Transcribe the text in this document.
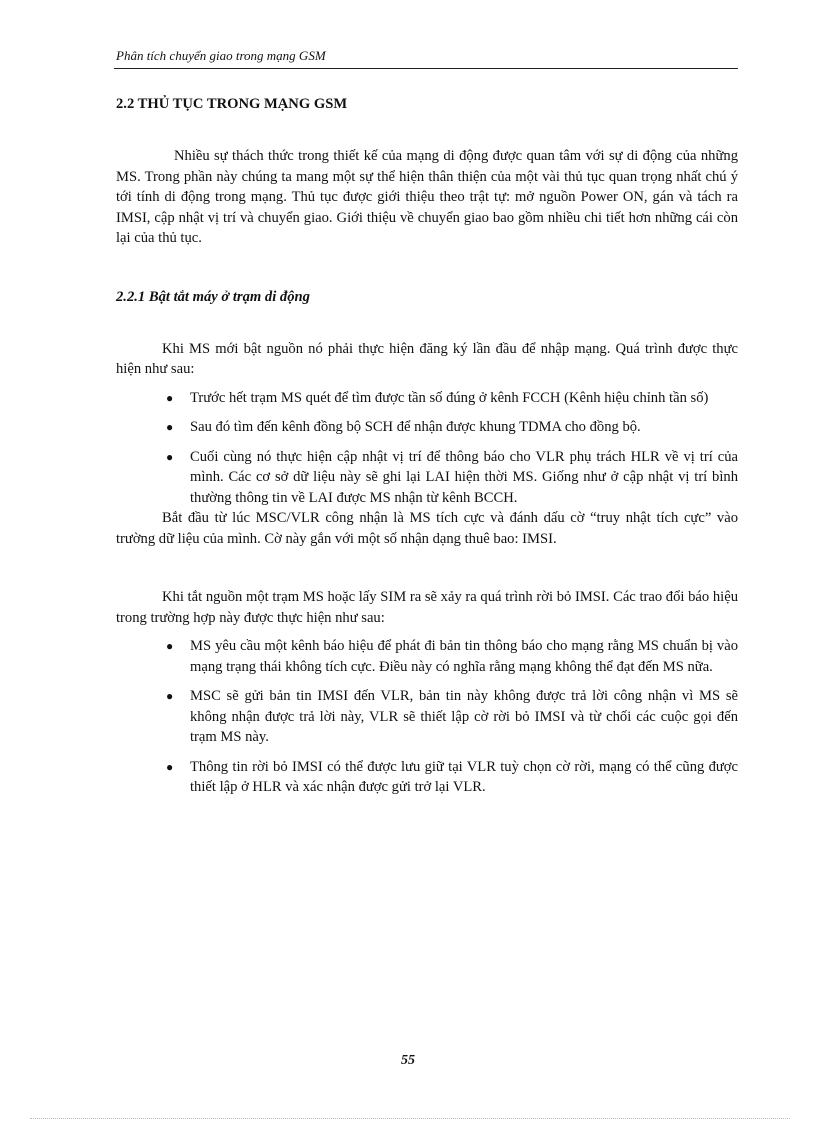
Phân tích chuyển giao trong mạng GSM
2.2 THỦ TỤC TRONG MẠNG GSM

Nhiều sự thách thức trong thiết kế của mạng di động được quan tâm với sự di động của những MS. Trong phần này chúng ta mang một sự thể hiện thân thiện của một vài thủ tục quan trọng nhất chú ý tới tính di động trong mạng. Thủ tục được giới thiệu theo trật tự: mở nguồn Power ON, gán và tách ra IMSI, cập nhật vị trí và chuyển giao. Giới thiệu về chuyển giao bao gồm nhiều chi tiết hơn những cái còn lại của thủ tục.

2.2.1 Bật tắt máy ở trạm di động

Khi MS mới bật nguồn nó phải thực hiện đăng ký lần đầu để nhập mạng. Quá trình được thực hiện như sau:

● Trước hết trạm MS quét để tìm được tần số đúng ở kênh FCCH (Kênh hiệu chỉnh tần số)
● Sau đó tìm đến kênh đồng bộ SCH để nhận được khung TDMA cho đồng bộ.
● Cuối cùng nó thực hiện cập nhật vị trí để thông báo cho VLR phụ trách HLR về vị trí của mình. Các cơ sở dữ liệu này sẽ ghi lại LAI hiện thời MS. Giống như ở cập nhật vị trí bình thường thông tin về LAI được MS nhận từ kênh BCCH.

Bắt đầu từ lúc MSC/VLR công nhận là MS tích cực và đánh dấu cờ “truy nhật tích cực” vào trường dữ liệu của mình. Cờ này gắn với một số nhận dạng thuê bao: IMSI.

Khi tắt nguồn một trạm MS hoặc lấy SIM ra sẽ xảy ra quá trình rời bỏ IMSI. Các trao đổi báo hiệu trong trường hợp này được thực hiện như sau:

● MS yêu cầu một kênh báo hiệu để phát đi bản tin thông báo cho mạng rằng MS chuẩn bị vào mạng trạng thái không tích cực. Điều này có nghĩa rằng mạng không thể đạt đến MS nữa.
● MSC sẽ gửi bản tin IMSI đến VLR, bản tin này không được trả lời công nhận vì MS sẽ không nhận được trả lời này, VLR sẽ thiết lập cờ rời bỏ IMSI và từ chối các cuộc gọi đến trạm MS này.
● Thông tin rời bỏ IMSI có thể được lưu giữ tại VLR tuỳ chọn cờ rời, mạng có thể cũng được thiết lập ở HLR và xác nhận được gửi trở lại VLR.
55
